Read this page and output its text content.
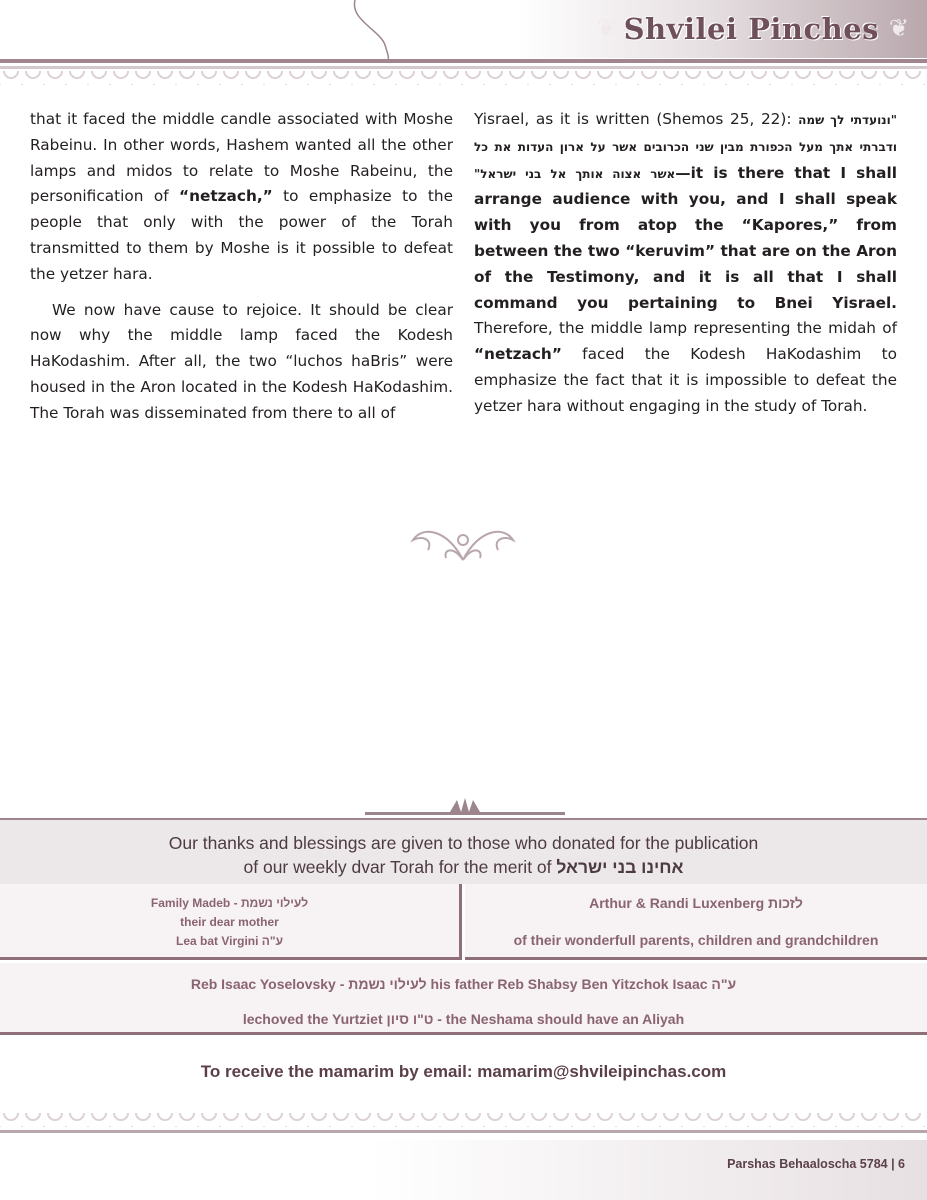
❦ Shvilei Pinches ❦

that it faced the middle candle associated with Moshe Rabeinu. In other words, Hashem wanted all the other lamps and midos to relate to Moshe Rabeinu, the personification of “netzach,” to emphasize to the people that only with the power of the Torah transmitted to them by Moshe is it possible to defeat the yetzer hara.

We now have cause to rejoice. It should be clear now why the middle lamp faced the Kodesh HaKodashim. After all, the two “luchos haBris” were housed in the Aron located in the Kodesh HaKodashim. The Torah was disseminated from there to all of

Yisrael, as it is written (Shemos 25, 22): "ונועדתי לך שמה ודברתי אתך מעל הכפורת מבין שני הכרובים אשר על ארון העדות את כל אשר אצוה אותך אל בני ישראל"—it is there that I shall arrange audience with you, and I shall speak with you from atop the “Kapores,” from between the two “keruvim” that are on the Aron of the Testimony, and it is all that I shall command you pertaining to Bnei Yisrael. Therefore, the middle lamp representing the midah of “netzach” faced the Kodesh HaKodashim to emphasize the fact that it is impossible to defeat the yetzer hara without engaging in the study of Torah.

Our thanks and blessings are given to those who donated for the publication
of our weekly dvar Torah for the merit of אחינו בני ישראל
Family Madeb - לעילוי נשמת
their dear mother
Lea bat Virgini ע"ה
Arthur & Randi Luxenberg לזכות
of their wonderfull parents, children and grandchildren
Reb Isaac Yoselovsky - לעילוי נשמת his father Reb Shabsy Ben Yitzchok Isaac ע"ה
lechoved the Yurtziet ט"ו סיון - the Neshama should have an Aliyah
To receive the mamarim by email: mamarim@shvileipinchas.com
Parshas Behaaloscha 5784 | 6
